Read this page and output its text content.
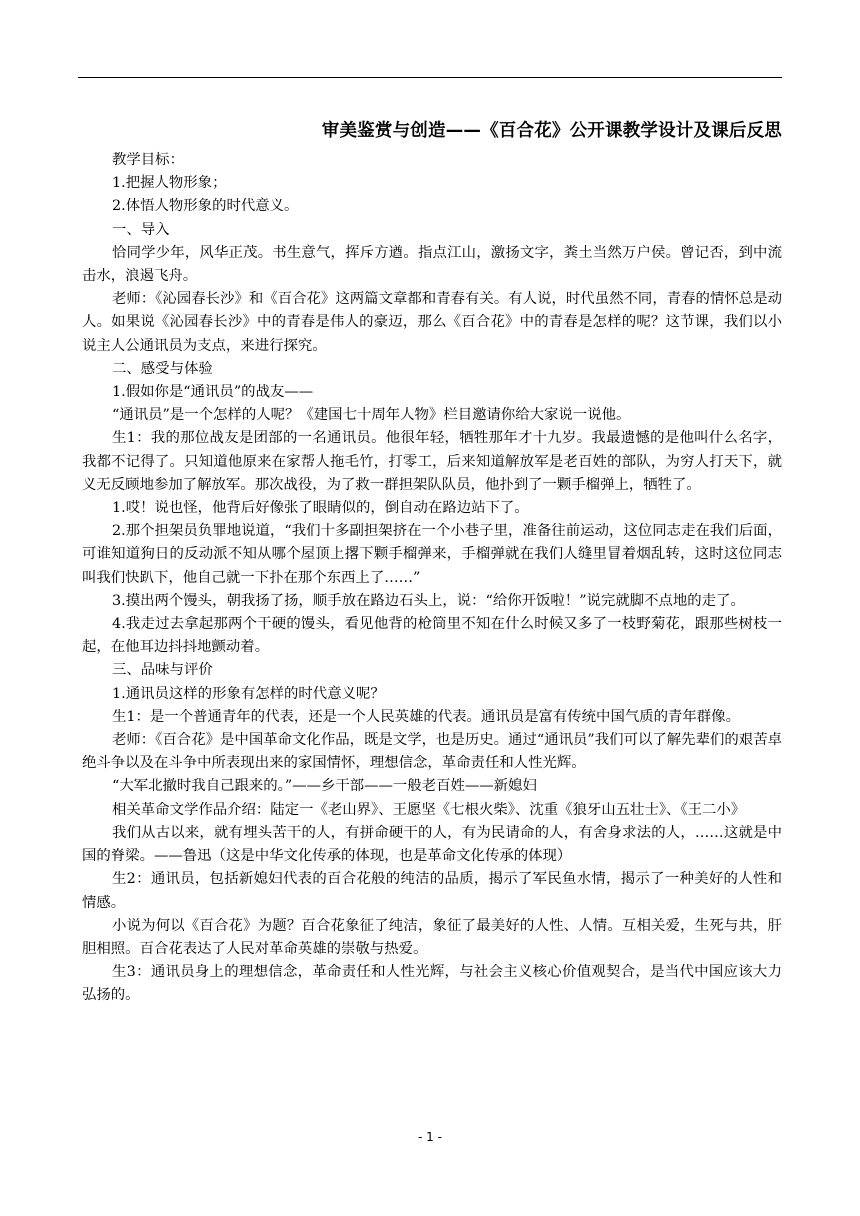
审美鉴赏与创造——《百合花》公开课教学设计及课后反思

教学目标：

1.把握人物形象；

2.体悟人物形象的时代意义。

一、导入

恰同学少年，风华正茂。书生意气，挥斥方遒。指点江山，激扬文字，粪土当然万户侯。曾记否，到中流击水，浪遏飞舟。

老师：《沁园春长沙》和《百合花》这两篇文章都和青春有关。有人说，时代虽然不同，青春的情怀总是动人。如果说《沁园春长沙》中的青春是伟人的豪迈，那么《百合花》中的青春是怎样的呢？这节课，我们以小说主人公通讯员为支点，来进行探究。

二、感受与体验

1.假如你是“通讯员”的战友——

“通讯员”是一个怎样的人呢？《建国七十周年人物》栏目邀请你给大家说一说他。

生1：我的那位战友是团部的一名通讯员。他很年轻，牺牲那年才十九岁。我最遗憾的是他叫什么名字，我都不记得了。只知道他原来在家帮人拖毛竹，打零工，后来知道解放军是老百姓的部队，为穷人打天下，就义无反顾地参加了解放军。那次战役，为了救一群担架队队员，他扑到了一颗手榴弹上，牺牲了。

1.哎！说也怪，他背后好像张了眼睛似的，倒自动在路边站下了。

2.那个担架员负罪地说道，“我们十多副担架挤在一个小巷子里，准备往前运动，这位同志走在我们后面，可谁知道狗日的反动派不知从哪个屋顶上撂下颗手榴弹来，手榴弹就在我们人缝里冒着烟乱转，这时这位同志叫我们快趴下，他自己就一下扑在那个东西上了……”

3.摸出两个馒头，朝我扬了扬，顺手放在路边石头上，说：“给你开饭啦！”说完就脚不点地的走了。

4.我走过去拿起那两个干硬的馒头，看见他背的枪筒里不知在什么时候又多了一枝野菊花，跟那些树枝一起，在他耳边抖抖地颤动着。

三、品味与评价

1.通讯员这样的形象有怎样的时代意义呢？

生1：是一个普通青年的代表，还是一个人民英雄的代表。通讯员是富有传统中国气质的青年群像。

老师：《百合花》是中国革命文化作品，既是文学，也是历史。通过“通讯员”我们可以了解先辈们的艰苦卓绝斗争以及在斗争中所表现出来的家国情怀，理想信念，革命责任和人性光辉。

“大军北撤时我自己跟来的。”——乡干部——一般老百姓——新媳妇

相关革命文学作品介绍：陆定一《老山界》、王愿坚《七根火柴》、沈重《狼牙山五壮士》、《王二小》

我们从古以来，就有埋头苦干的人，有拼命硬干的人，有为民请命的人，有舍身求法的人，……这就是中国的脊梁。——鲁迅（这是中华文化传承的体现，也是革命文化传承的体现）

生2：通讯员，包括新媳妇代表的百合花般的纯洁的品质，揭示了军民鱼水情，揭示了一种美好的人性和情感。

小说为何以《百合花》为题？百合花象征了纯洁，象征了最美好的人性、人情。互相关爱，生死与共，肝胆相照。百合花表达了人民对革命英雄的崇敬与热爱。

生3：通讯员身上的理想信念，革命责任和人性光辉，与社会主义核心价值观契合，是当代中国应该大力弘扬的。

- 1 -
